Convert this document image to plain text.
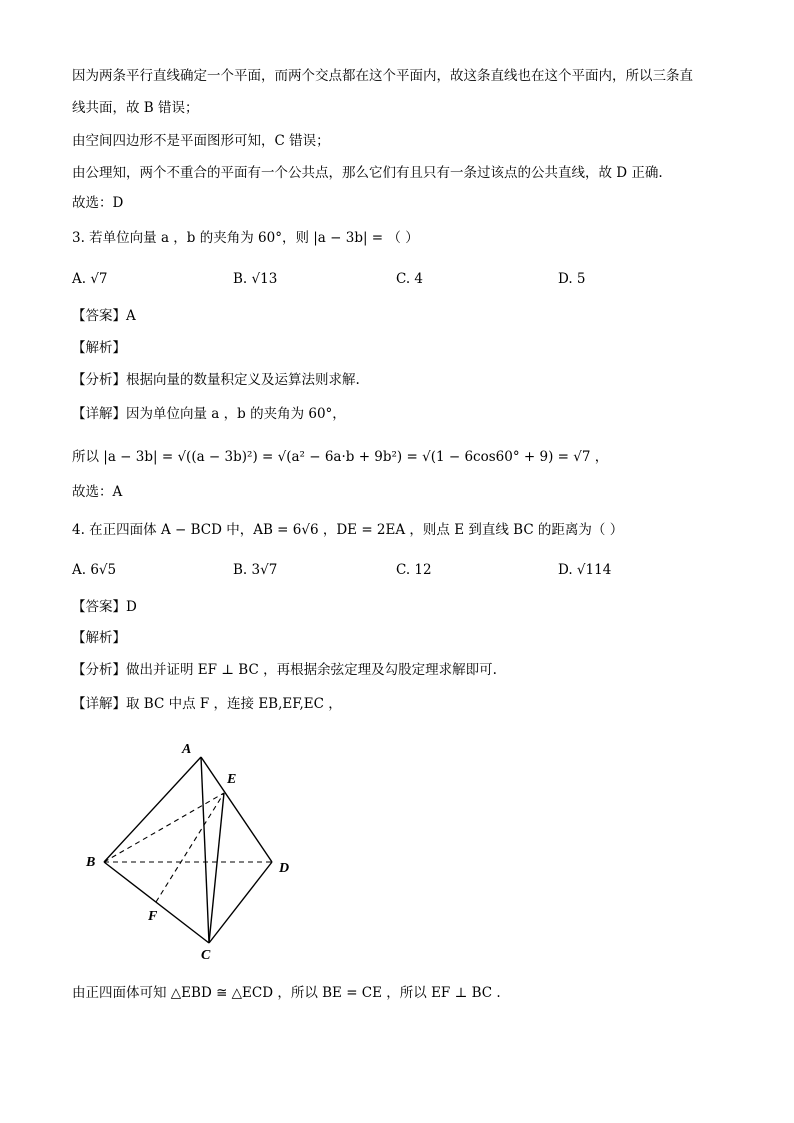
因为两条平行直线确定一个平面，而两个交点都在这个平面内，故这条直线也在这个平面内，所以三条直
线共面，故 B 错误；
由空间四边形不是平面图形可知，C 错误；
由公理知，两个不重合的平面有一个公共点，那么它们有且只有一条过该点的公共直线，故 D 正确.
故选：D
3. 若单位向量 a ，b 的夹角为 60°，则 |a − 3b| = （ ）
A. √7	B. √13	C. 4	D. 5
【答案】A
【解析】
【分析】根据向量的数量积定义及运算法则求解.
【详解】因为单位向量 a ，b 的夹角为 60°，
所以 |a − 3b| = √((a − 3b)²) = √(a² − 6a·b + 9b²) = √(1 − 6cos60° + 9) = √7 ，
故选：A
4. 在正四面体 A − BCD 中，AB = 6√6 ，DE = 2EA ，则点 E 到直线 BC 的距离为（ ）
A. 6√5	B. 3√7	C. 12	D. √114
【答案】D
【解析】
【分析】做出并证明 EF ⊥ BC ，再根据余弦定理及勾股定理求解即可.
【详解】取 BC 中点 F ，连接 EB,EF,EC ，
A
E
B	D
F
C
由正四面体可知 △EBD ≅ △ECD ，所以 BE = CE ，所以 EF ⊥ BC .
